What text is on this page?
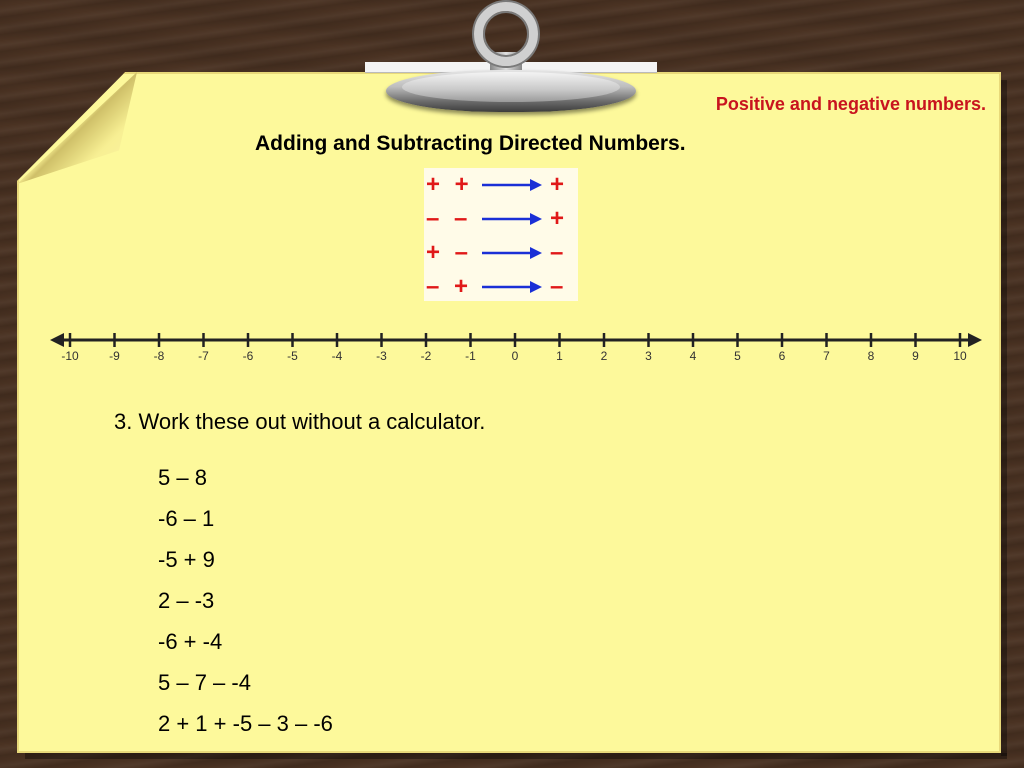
Positive and negative numbers.
Adding and Subtracting Directed Numbers.
+ +	+
– –	+
+ –	–
– +	–
-10	-9	-8	-7	-6	-5	-4	-3	-2	-1	0	1	2	3	4	5	6	7	8	9	10
3. Work these out without a calculator.
5 – 8
-6 – 1
-5 + 9
2 – -3
-6 + -4
5 – 7 – -4
2 + 1 + -5 – 3 – -6
